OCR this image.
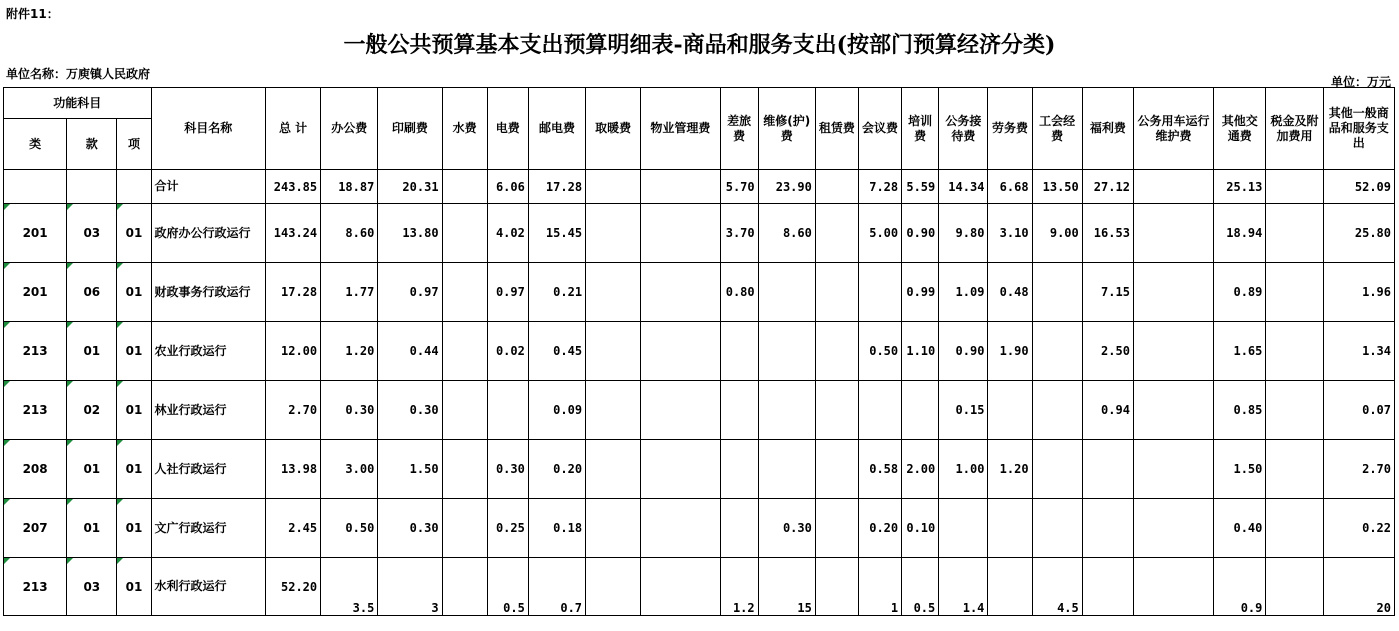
附件11：
一般公共预算基本支出预算明细表-商品和服务支出(按部门预算经济分类)
单位名称：万庾镇人民政府
单位：万元
功能科目			科目名称	总 计	办公费	印刷费	水费	电费	邮电费	取暖费	物业管理费	差旅费	维修(护)费	租赁费	会议费	培训费	公务接待费	劳务费	工会经费	福利费	公务用车运行维护费	其他交通费	税金及附加费用	其他一般商品和服务支出
类	款	项																						
			合计	243.85	18.87	20.31		6.06	17.28			5.70	23.90		7.28	5.59	14.34	6.68	13.50	27.12		25.13		52.09
201	03	01	政府办公行政运行	143.24	8.60	13.80		4.02	15.45			3.70	8.60		5.00	0.90	9.80	3.10	9.00	16.53		18.94		25.80
201	06	01	财政事务行政运行	17.28	1.77	0.97		0.97	0.21			0.80				0.99	1.09	0.48		7.15		0.89		1.96
213	01	01	农业行政运行	12.00	1.20	0.44		0.02	0.45						0.50	1.10	0.90	1.90		2.50		1.65		1.34
213	02	01	林业行政运行	2.70	0.30	0.30			0.09								0.15			0.94		0.85		0.07
208	01	01	人社行政运行	13.98	3.00	1.50		0.30	0.20						0.58	2.00	1.00	1.20				1.50		2.70
207	01	01	文广行政运行	2.45	0.50	0.30		0.25	0.18				0.30		0.20	0.10						0.40		0.22
213	03	01	水利行政运行	52.20	3.5	3		0.5	0.7			1.2	15		1	0.5	1.4		4.5			0.9		20
